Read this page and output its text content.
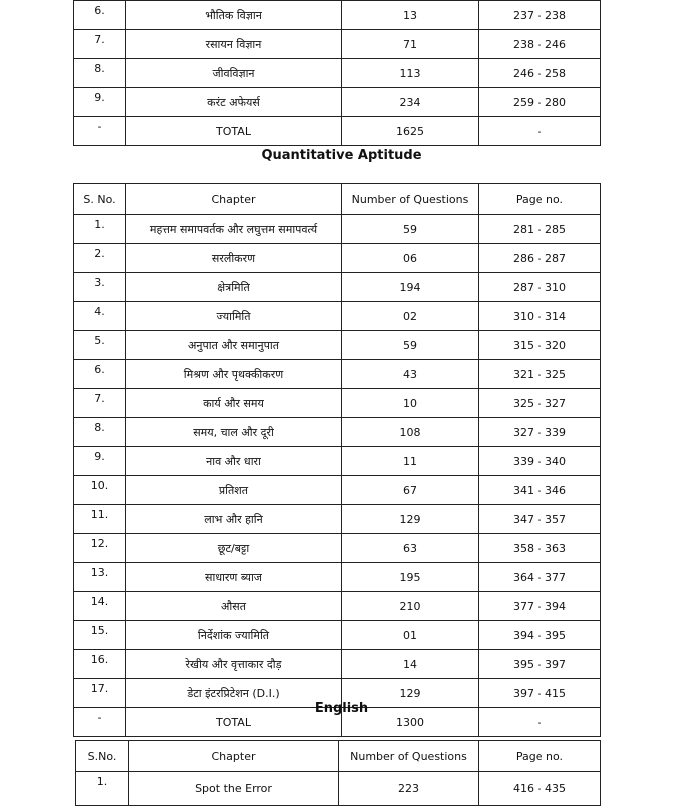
6.	भौतिक विज्ञान	13	237 - 238
7.	रसायन विज्ञान	71	238 - 246
8.	जीवविज्ञान	113	246 - 258
9.	करंट अफेयर्स	234	259 - 280
-	TOTAL	1625	-
Quantitative Aptitude
S. No.	Chapter	Number of Questions	Page no.
1.	महत्तम समापवर्तक और लघुत्तम समापवर्त्य	59	281 - 285
2.	सरलीकरण	06	286 - 287
3.	क्षेत्रमिति	194	287 - 310
4.	ज्यामिति	02	310 - 314
5.	अनुपात और समानुपात	59	315 - 320
6.	मिश्रण और पृथक्कीकरण	43	321 - 325
7.	कार्य और समय	10	325 - 327
8.	समय, चाल और दूरी	108	327 - 339
9.	नाव और धारा	11	339 - 340
10.	प्रतिशत	67	341 - 346
11.	लाभ और हानि	129	347 - 357
12.	छूट/बट्टा	63	358 - 363
13.	साधारण ब्याज	195	364 - 377
14.	औसत	210	377 - 394
15.	निर्देशांक ज्यामिति	01	394 - 395
16.	रेखीय और वृत्ताकार दौड़	14	395 - 397
17.	डेटा इंटरप्रिटेशन (D.I.)	129	397 - 415
-	TOTAL	1300	-
English
S.No.	Chapter	Number of Questions	Page no.
1.	Spot the Error	223	416 - 435
